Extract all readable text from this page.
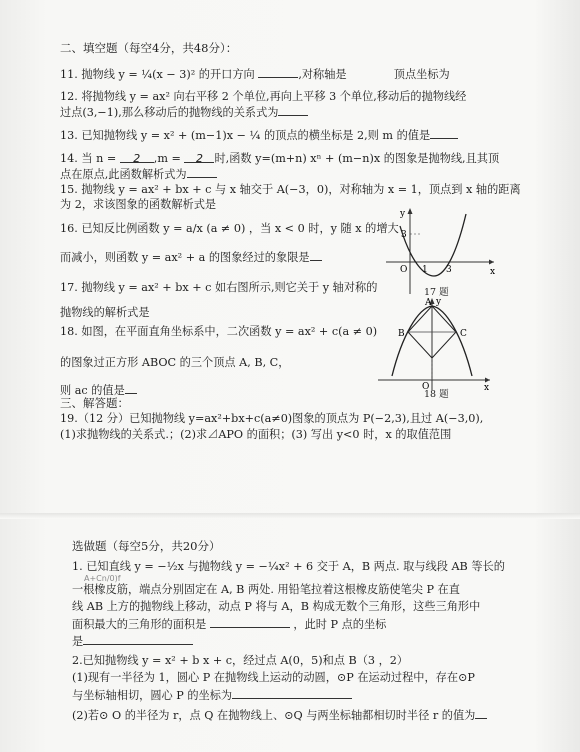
二、填空题（每空4分，共48分）：
11. 抛物线 y = ¼(x − 3)² 的开口方向	,对称轴是	顶点坐标为
12. 将抛物线 y = ax² 向右平移 2 个单位,再向上平移 3 个单位,移动后的抛物线经
过点(3,−1),那么移动后的抛物线的关系式为
13. 已知抛物线 y = x² + (m−1)x − ¼ 的顶点的横坐标是 2,则 m 的值是
14. 当 n = 2 ,m = 2 时,函数 y=(m+n) xⁿ + (m−n)x 的图象是抛物线,且其顶
点在原点,此函数解析式为
15. 抛物线 y = ax² + bx + c 与 x 轴交于 A(−3，0)，对称轴为 x = 1，顶点到 x 轴的距离
为 2，求该图象的函数解析式是
16. 已知反比例函数 y = a/x (a ≠ 0) ，当 x < 0 时，y 随 x 的增大
而减小，则函数 y = ax² + a 的图象经过的象限是
y
x
O
3
1 3
17 题
17. 抛物线 y = ax² + bx + c 如右图所示,则它关于 y 轴对称的
抛物线的解析式是
18. 如图，在平面直角坐标系中，二次函数 y = ax² + c(a ≠ 0)
的图象过正方形 ABOC 的三个顶点 A, B, C，
则 ac 的值是
A
B	C
y
x
O
18 题
三、解答题：
19.（12 分）已知抛物线 y=ax²+bx+c(a≠0)图象的顶点为 P(−2,3),且过 A(−3,0),
(1)求抛物线的关系式.；(2)求⊿APO 的面积；(3) 写出 y<0 时，x 的取值范围
选做题（每空5分，共20分）
1. 已知直线 y = −½x 与抛物线 y = −¼x² + 6 交于 A，B 两点. 取与线段 AB 等长的
A+Cn/0)f
一根橡皮筋，端点分别固定在 A, B 两处. 用铅笔拉着这根橡皮筋使笔尖 P 在直
线 AB 上方的抛物线上移动，动点 P 将与 A，B 构成无数个三角形，这些三角形中
面积最大的三角形的面积是	，此时 P 点的坐标
是
2.已知抛物线 y = x² + b x + c，经过点 A(0，5)和点 B（3 ，2）
(1)现有一半径为 1，圆心 P 在抛物线上运动的动圆，⊙P 在运动过程中，存在⊙P
与坐标轴相切，圆心 P 的坐标为
(2)若⊙ O 的半径为 r，点 Q 在抛物线上、⊙Q 与两坐标轴都相切时半径 r 的值为
